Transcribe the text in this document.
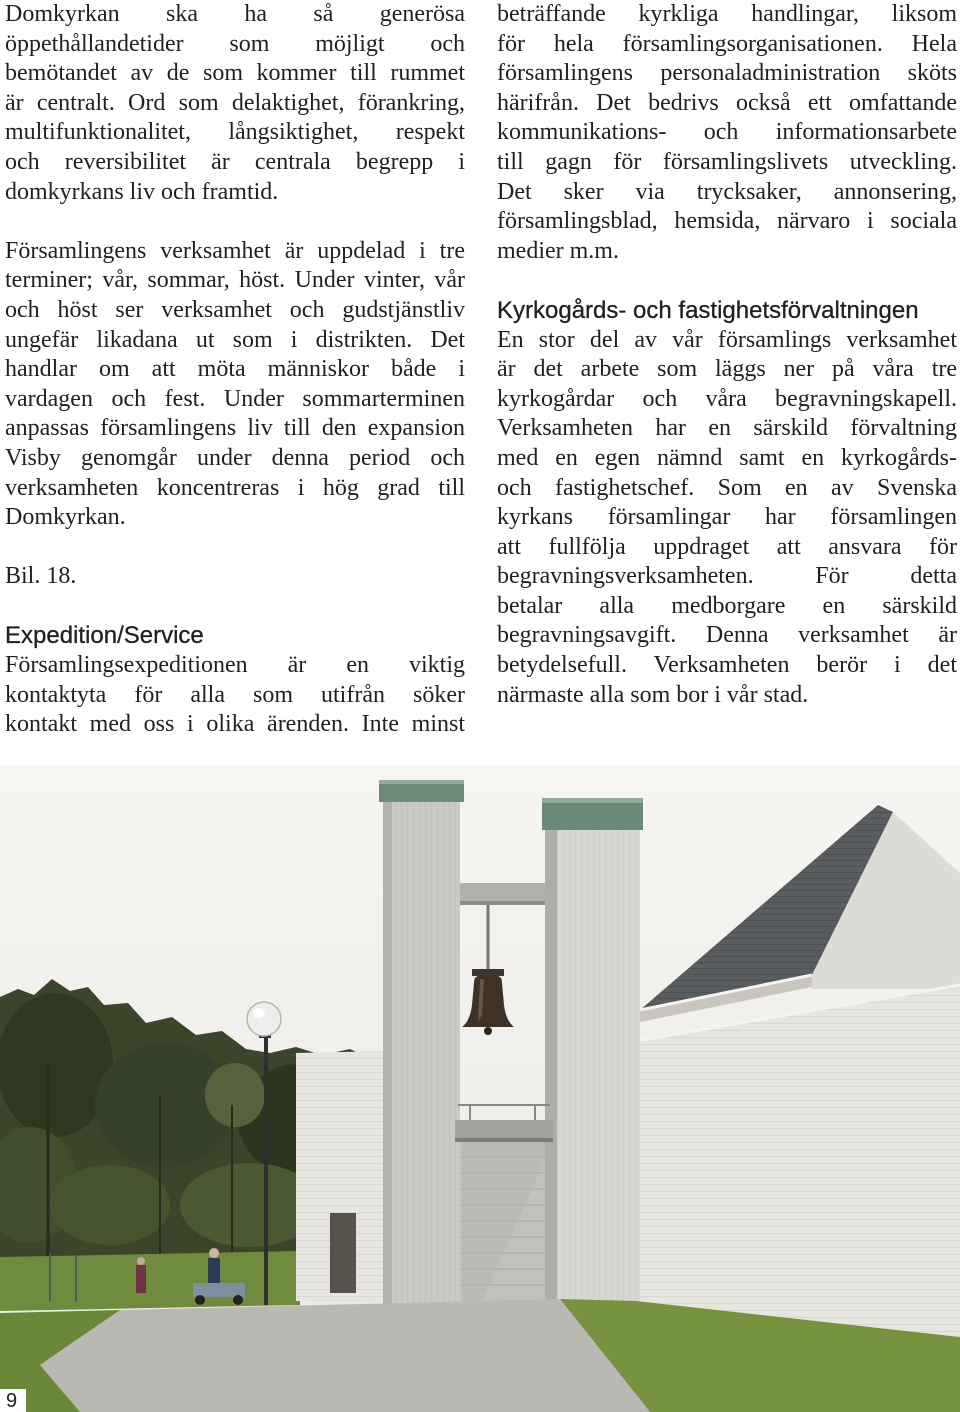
Domkyrkan ska ha så generösa
öppethållandetider som möjligt och
bemötandet av de som kommer till rummet
är centralt. Ord som delaktighet, förankring,
multifunktionalitet, långsiktighet, respekt
och reversibilitet är centrala begrepp i
domkyrkans liv och framtid.
Församlingens verksamhet är uppdelad i tre
terminer; vår, sommar, höst. Under vinter, vår
och höst ser verksamhet och gudstjänstliv
ungefär likadana ut som i distrikten. Det
handlar om att möta människor både i
vardagen och fest. Under sommarterminen
anpassas församlingens liv till den expansion
Visby genomgår under denna period och
verksamheten koncentreras i hög grad till
Domkyrkan.
Bil. 18.
Expedition/Service
Församlingsexpeditionen är en viktig
kontaktyta för alla som utifrån söker
kontakt med oss i olika ärenden. Inte minst
beträffande kyrkliga handlingar, liksom
för hela församlingsorganisationen. Hela
församlingens personaladministration sköts
härifrån. Det bedrivs också ett omfattande
kommunikations- och informationsarbete
till gagn för församlingslivets utveckling.
Det sker via trycksaker, annonsering,
församlingsblad, hemsida, närvaro i sociala
medier m.m.
Kyrkogårds- och fastighetsförvaltningen
En stor del av vår församlings verksamhet
är det arbete som läggs ner på våra tre
kyrkogårdar och våra begravningskapell.
Verksamheten har en särskild förvaltning
med en egen nämnd samt en kyrkogårds-
och fastighetschef. Som en av Svenska
kyrkans församlingar har församlingen
att fullfölja uppdraget att ansvara för
begravningsverksamheten. För detta
betalar alla medborgare en särskild
begravningsavgift. Denna verksamhet är
betydelsefull. Verksamheten berör i det
närmaste alla som bor i vår stad.
9
